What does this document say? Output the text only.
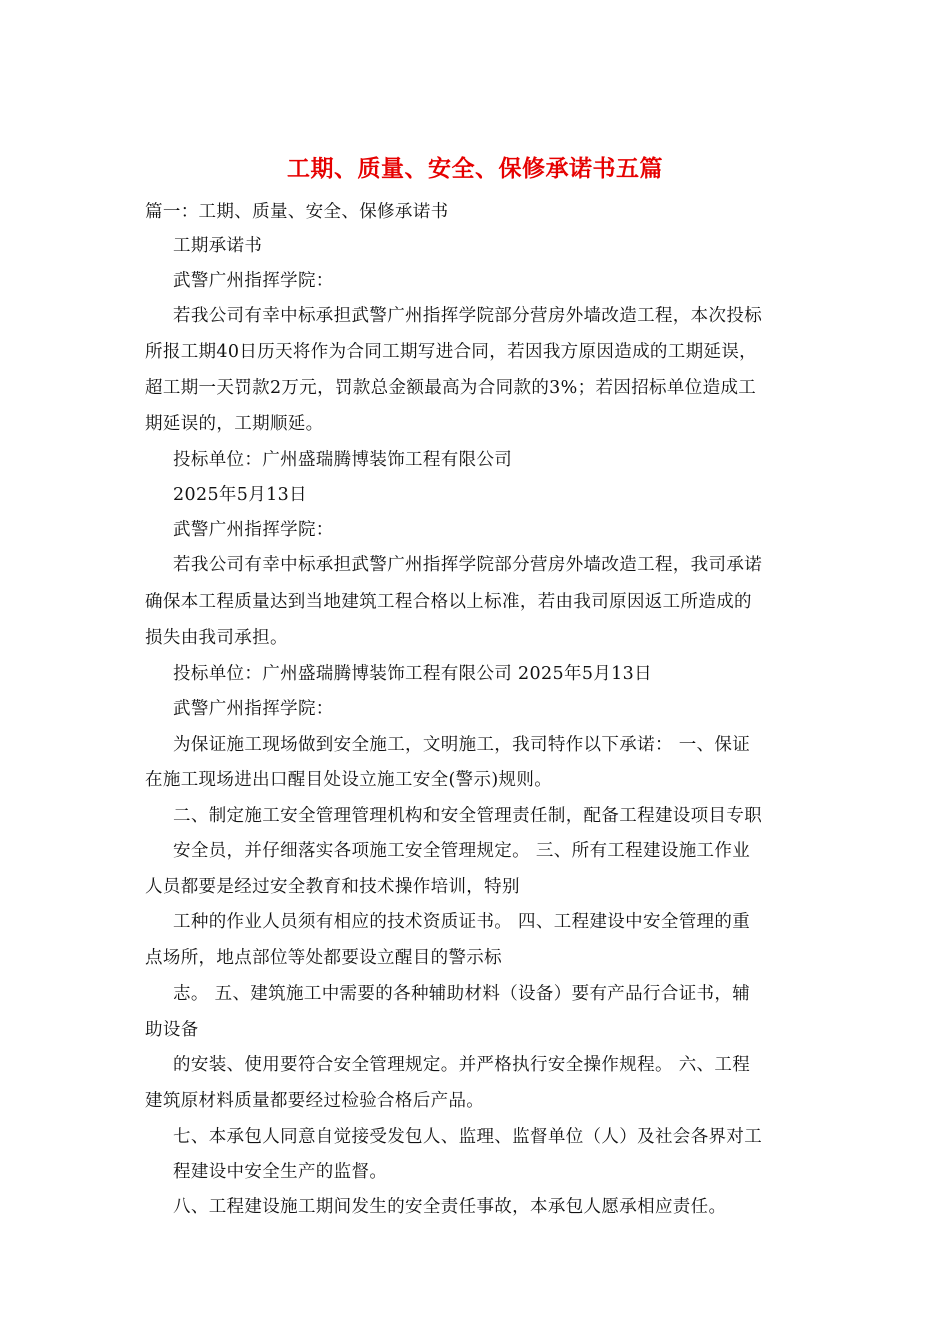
工期、质量、安全、保修承诺书五篇
篇一：工期、质量、安全、保修承诺书
工期承诺书
武警广州指挥学院：
若我公司有幸中标承担武警广州指挥学院部分营房外墙改造工程，本次投标
所报工期40日历天将作为合同工期写进合同，若因我方原因造成的工期延误，
超工期一天罚款2万元，罚款总金额最高为合同款的3%；若因招标单位造成工
期延误的，工期顺延。
投标单位：广州盛瑞腾博装饰工程有限公司
2025年5月13日
武警广州指挥学院：
若我公司有幸中标承担武警广州指挥学院部分营房外墙改造工程，我司承诺
确保本工程质量达到当地建筑工程合格以上标准，若由我司原因返工所造成的
损失由我司承担。
投标单位：广州盛瑞腾博装饰工程有限公司 2025年5月13日
武警广州指挥学院：
为保证施工现场做到安全施工，文明施工，我司特作以下承诺： 一、保证
在施工现场进出口醒目处设立施工安全(警示)规则。
二、制定施工安全管理管理机构和安全管理责任制，配备工程建设项目专职
安全员，并仔细落实各项施工安全管理规定。 三、所有工程建设施工作业
人员都要是经过安全教育和技术操作培训，特别
工种的作业人员须有相应的技术资质证书。 四、工程建设中安全管理的重
点场所，地点部位等处都要设立醒目的警示标
志。 五、建筑施工中需要的各种辅助材料（设备）要有产品行合证书，辅
助设备
的安装、使用要符合安全管理规定。并严格执行安全操作规程。 六、工程
建筑原材料质量都要经过检验合格后产品。
七、本承包人同意自觉接受发包人、监理、监督单位（人）及社会各界对工
程建设中安全生产的监督。
八、工程建设施工期间发生的安全责任事故，本承包人愿承相应责任。
